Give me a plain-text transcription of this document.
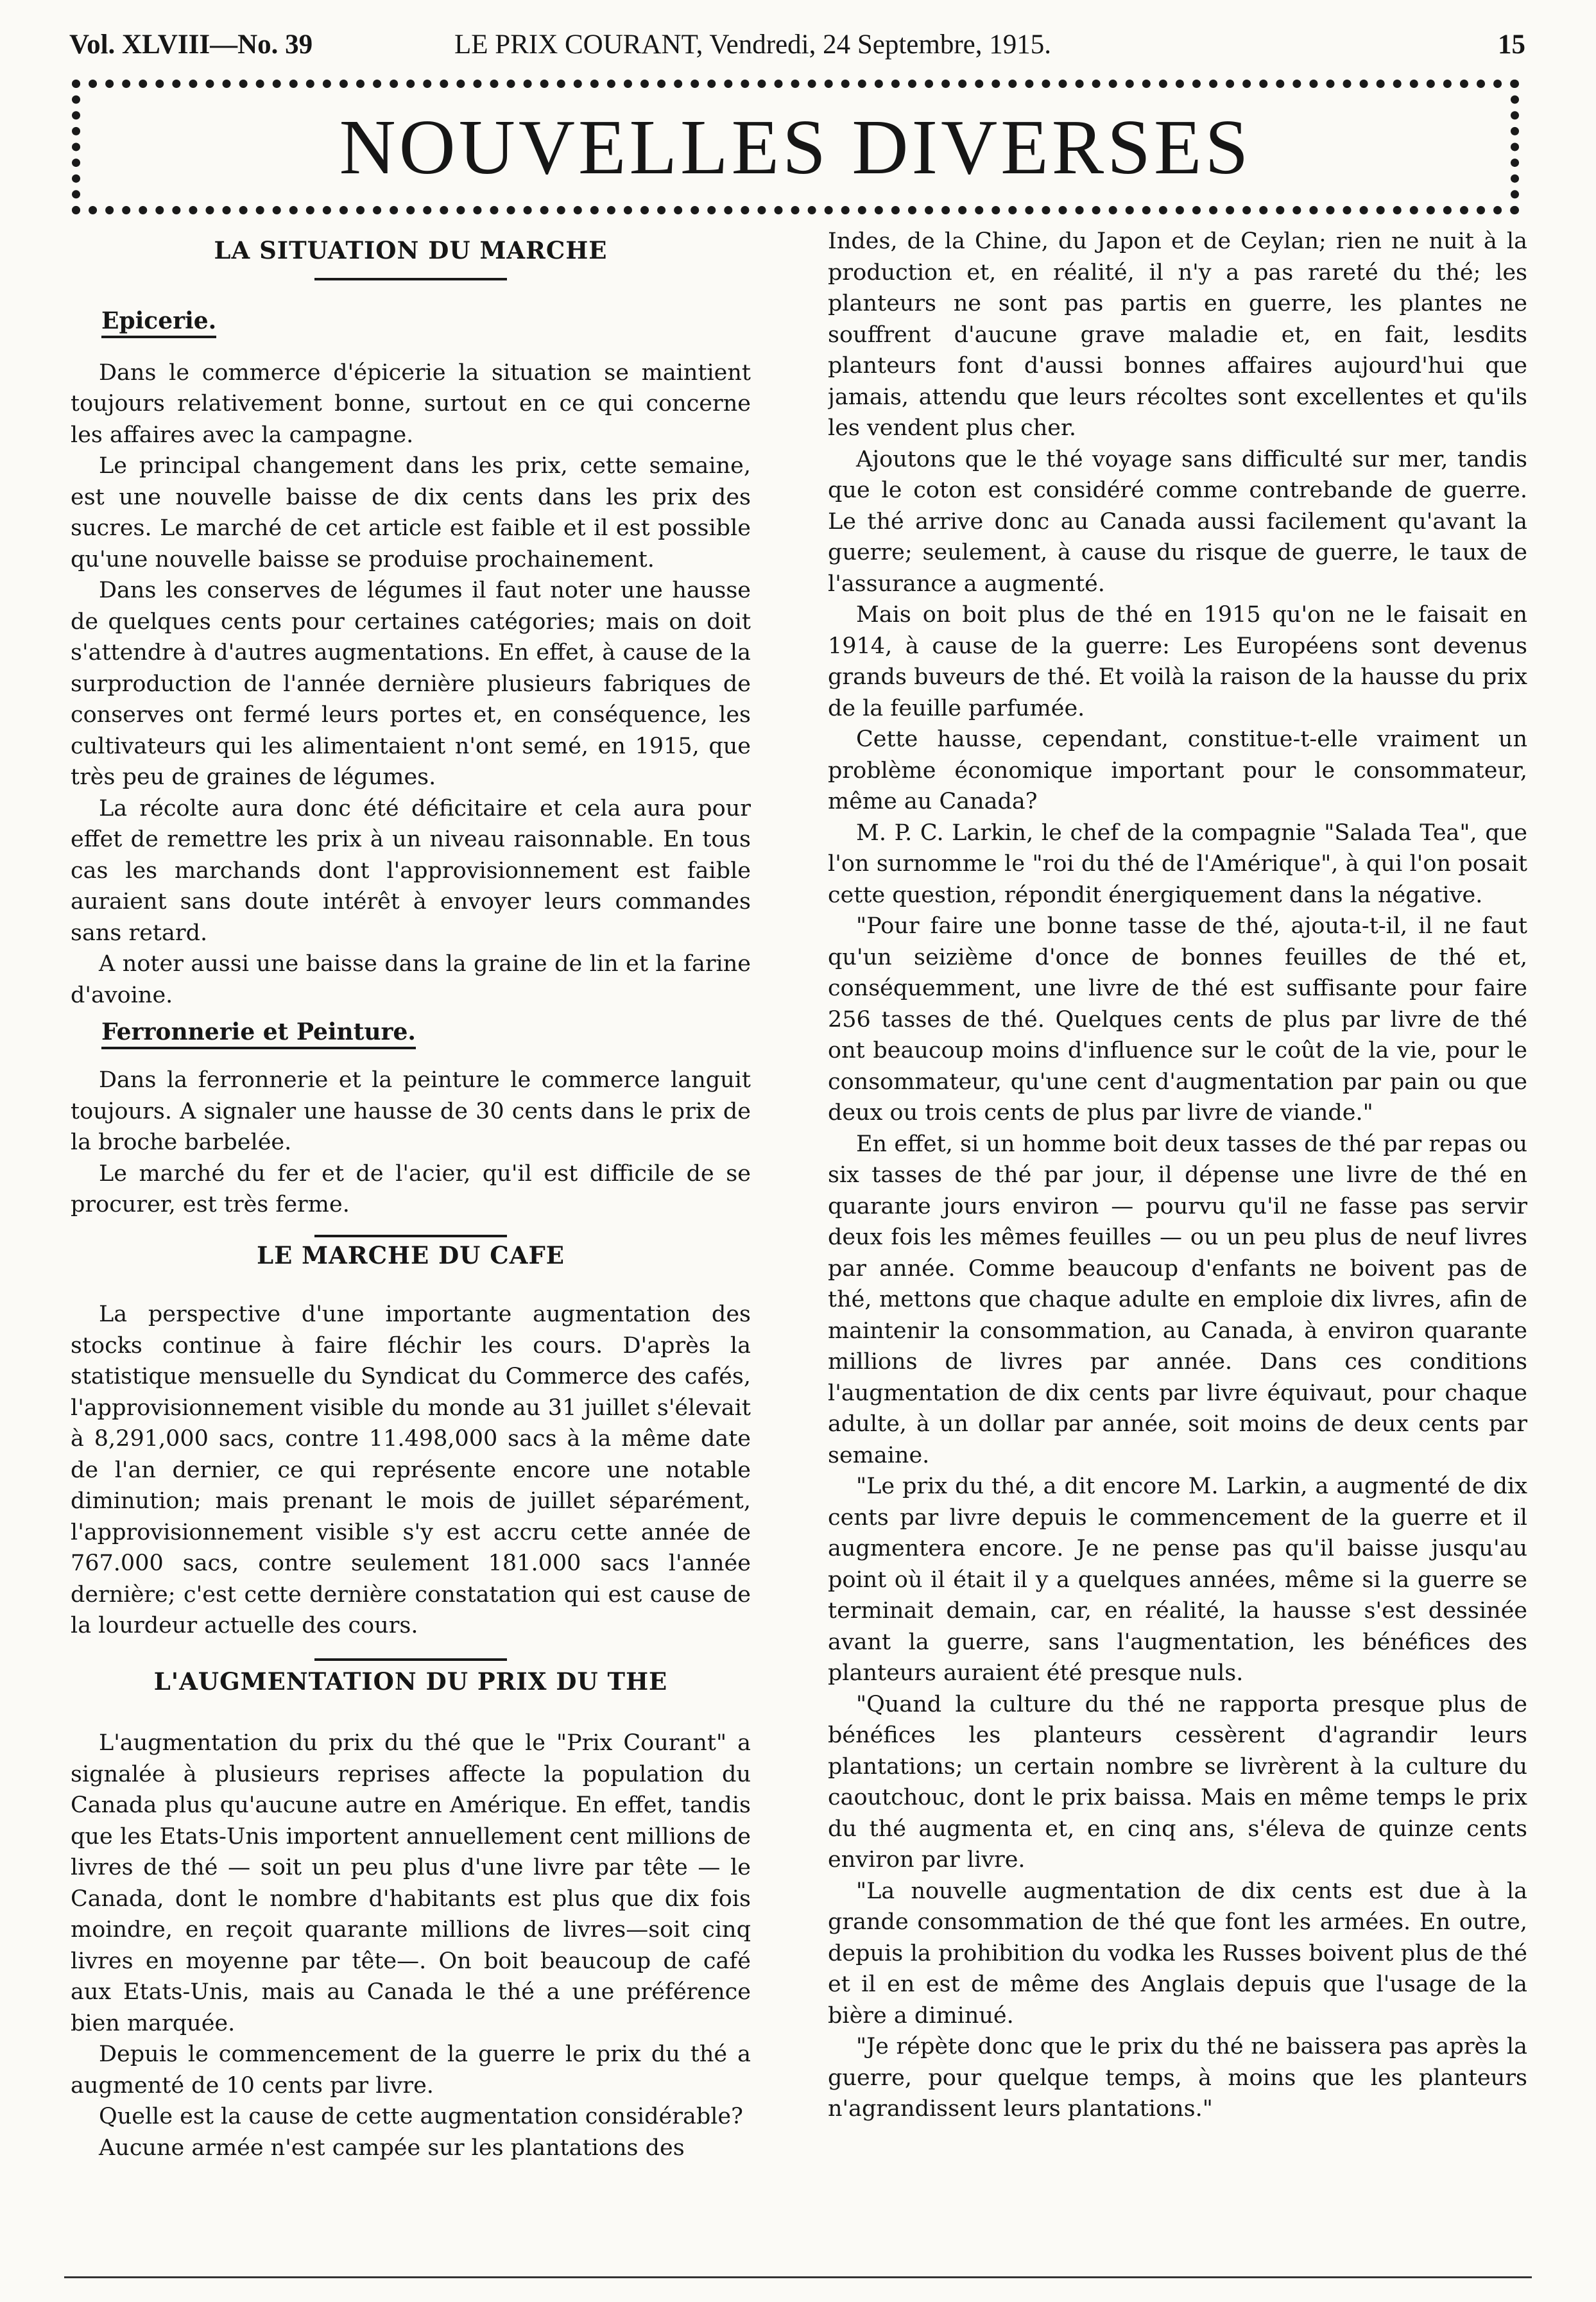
Vol. XLVIII—No. 39	LE PRIX COURANT, Vendredi, 24 Septembre, 1915.	15
NOUVELLES DIVERSES
LA SITUATION DU MARCHE
Epicerie.

Dans le commerce d'épicerie la situation se maintient toujours relativement bonne, surtout en ce qui concerne les affaires avec la campagne.

Le principal changement dans les prix, cette semaine, est une nouvelle baisse de dix cents dans les prix des sucres. Le marché de cet article est faible et il est possible qu'une nouvelle baisse se produise prochainement.

Dans les conserves de légumes il faut noter une hausse de quelques cents pour certaines catégories; mais on doit s'attendre à d'autres augmentations. En effet, à cause de la surproduction de l'année dernière plusieurs fabriques de conserves ont fermé leurs portes et, en conséquence, les cultivateurs qui les alimentaient n'ont semé, en 1915, que très peu de graines de légumes.

La récolte aura donc été déficitaire et cela aura pour effet de remettre les prix à un niveau raisonnable. En tous cas les marchands dont l'approvisionnement est faible auraient sans doute intérêt à envoyer leurs commandes sans retard.

A noter aussi une baisse dans la graine de lin et la farine d'avoine.

Ferronnerie et Peinture.

Dans la ferronnerie et la peinture le commerce languit toujours. A signaler une hausse de 30 cents dans le prix de la broche barbelée.

Le marché du fer et de l'acier, qu'il est difficile de se procurer, est très ferme.

LE MARCHE DU CAFE

La perspective d'une importante augmentation des stocks continue à faire fléchir les cours. D'après la statistique mensuelle du Syndicat du Commerce des cafés, l'approvisionnement visible du monde au 31 juillet s'élevait à 8,291,000 sacs, contre 11.498,000 sacs à la même date de l'an dernier, ce qui représente encore une notable diminution; mais prenant le mois de juillet séparément, l'approvisionnement visible s'y est accru cette année de 767.000 sacs, contre seulement 181.000 sacs l'année dernière; c'est cette dernière constatation qui est cause de la lourdeur actuelle des cours.

L'AUGMENTATION DU PRIX DU THE

L'augmentation du prix du thé que le "Prix Courant" a signalée à plusieurs reprises affecte la population du Canada plus qu'aucune autre en Amérique. En effet, tandis que les Etats-Unis importent annuellement cent millions de livres de thé — soit un peu plus d'une livre par tête — le Canada, dont le nombre d'habitants est plus que dix fois moindre, en reçoit quarante millions de livres—soit cinq livres en moyenne par tête—. On boit beaucoup de café aux Etats-Unis, mais au Canada le thé a une préférence bien marquée.

Depuis le commencement de la guerre le prix du thé a augmenté de 10 cents par livre.

Quelle est la cause de cette augmentation considérable?

Aucune armée n'est campée sur les plantations des

Indes, de la Chine, du Japon et de Ceylan; rien ne nuit à la production et, en réalité, il n'y a pas rareté du thé; les planteurs ne sont pas partis en guerre, les plantes ne souffrent d'aucune grave maladie et, en fait, lesdits planteurs font d'aussi bonnes affaires aujourd'hui que jamais, attendu que leurs récoltes sont excellentes et qu'ils les vendent plus cher.

Ajoutons que le thé voyage sans difficulté sur mer, tandis que le coton est considéré comme contrebande de guerre. Le thé arrive donc au Canada aussi facilement qu'avant la guerre; seulement, à cause du risque de guerre, le taux de l'assurance a augmenté.

Mais on boit plus de thé en 1915 qu'on ne le faisait en 1914, à cause de la guerre: Les Européens sont devenus grands buveurs de thé. Et voilà la raison de la hausse du prix de la feuille parfumée.

Cette hausse, cependant, constitue-t-elle vraiment un problème économique important pour le consommateur, même au Canada?

M. P. C. Larkin, le chef de la compagnie "Salada Tea", que l'on surnomme le "roi du thé de l'Amérique", à qui l'on posait cette question, répondit énergiquement dans la négative.

"Pour faire une bonne tasse de thé, ajouta-t-il, il ne faut qu'un seizième d'once de bonnes feuilles de thé et, conséquemment, une livre de thé est suffisante pour faire 256 tasses de thé. Quelques cents de plus par livre de thé ont beaucoup moins d'influence sur le coût de la vie, pour le consommateur, qu'une cent d'augmentation par pain ou que deux ou trois cents de plus par livre de viande."

En effet, si un homme boit deux tasses de thé par repas ou six tasses de thé par jour, il dépense une livre de thé en quarante jours environ — pourvu qu'il ne fasse pas servir deux fois les mêmes feuilles — ou un peu plus de neuf livres par année. Comme beaucoup d'enfants ne boivent pas de thé, mettons que chaque adulte en emploie dix livres, afin de maintenir la consommation, au Canada, à environ quarante millions de livres par année. Dans ces conditions l'augmentation de dix cents par livre équivaut, pour chaque adulte, à un dollar par année, soit moins de deux cents par semaine.

"Le prix du thé, a dit encore M. Larkin, a augmenté de dix cents par livre depuis le commencement de la guerre et il augmentera encore. Je ne pense pas qu'il baisse jusqu'au point où il était il y a quelques années, même si la guerre se terminait demain, car, en réalité, la hausse s'est dessinée avant la guerre, sans l'augmentation, les bénéfices des planteurs auraient été presque nuls.

"Quand la culture du thé ne rapporta presque plus de bénéfices les planteurs cessèrent d'agrandir leurs plantations; un certain nombre se livrèrent à la culture du caoutchouc, dont le prix baissa. Mais en même temps le prix du thé augmenta et, en cinq ans, s'éleva de quinze cents environ par livre.

"La nouvelle augmentation de dix cents est due à la grande consommation de thé que font les armées. En outre, depuis la prohibition du vodka les Russes boivent plus de thé et il en est de même des Anglais depuis que l'usage de la bière a diminué.

"Je répète donc que le prix du thé ne baissera pas après la guerre, pour quelque temps, à moins que les planteurs n'agrandissent leurs plantations."
